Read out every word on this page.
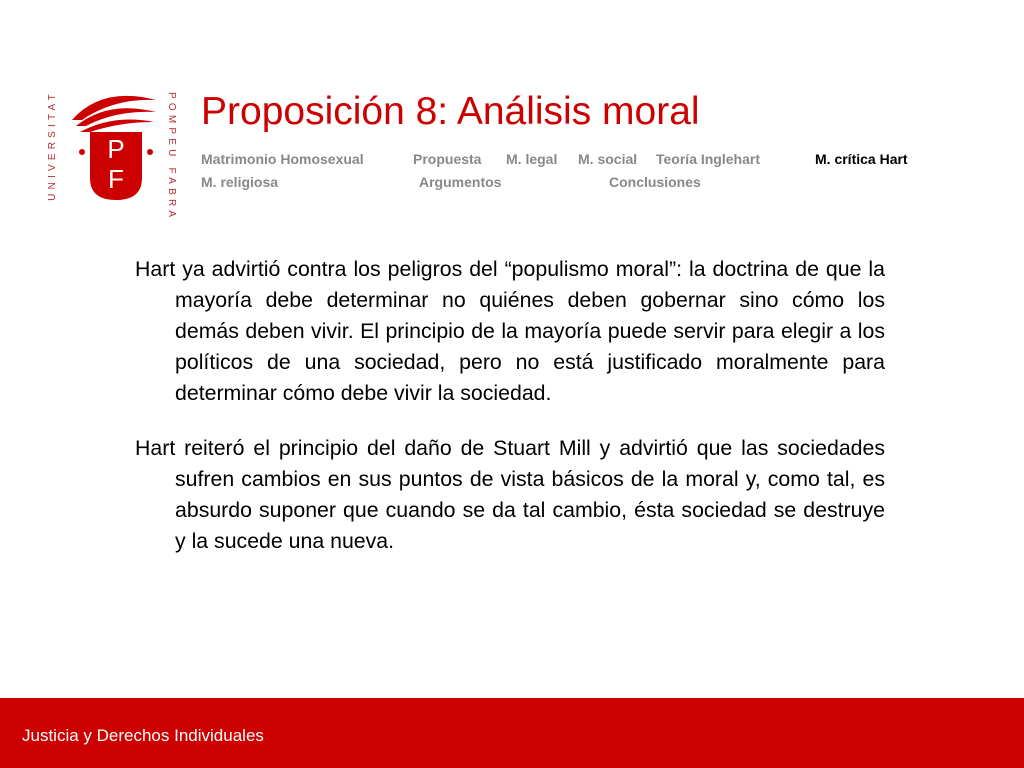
P
F
UNIVERSITAT	POMPEU FABRA Proposición 8: Análisis moral
Matrimonio Homosexual	Propuesta M. legal M. social Teoría Inglehart	M. crítica Hart
M. religiosa	Argumentos	Conclusiones

Hart ya advirtió contra los peligros del “populismo moral”: la doctrina de que la mayoría debe determinar no quiénes deben gobernar sino cómo los demás deben vivir. El principio de la mayoría puede servir para elegir a los políticos de una sociedad, pero no está justificado moralmente para determinar cómo debe vivir la sociedad.

Hart reiteró el principio del daño de Stuart Mill y advirtió que las sociedades sufren cambios en sus puntos de vista básicos de la moral y, como tal, es absurdo suponer que cuando se da tal cambio, ésta sociedad se destruye y la sucede una nueva.

Justicia y Derechos Individuales
